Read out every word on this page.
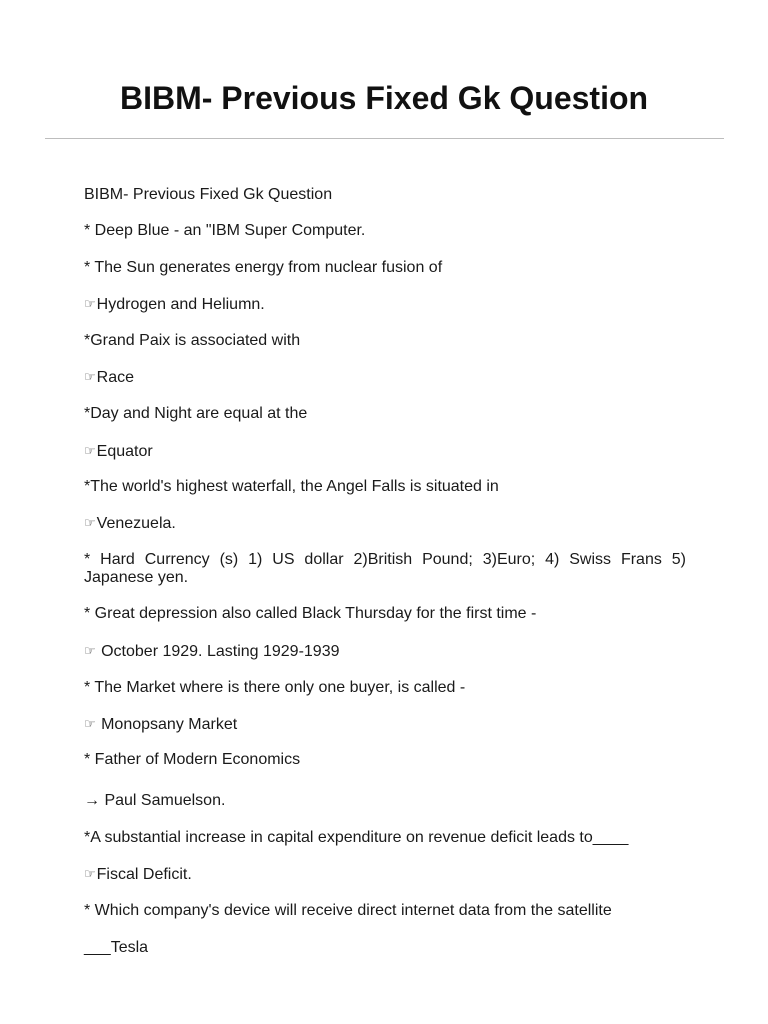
BIBM- Previous Fixed Gk Question
BIBM- Previous Fixed Gk Question
* Deep Blue - an "IBM Super Computer.
* The Sun generates energy from nuclear fusion of
☞Hydrogen and Heliumn.
*Grand Paix is associated with
☞Race
*Day and Night are equal at the
☞Equator
*The world's highest waterfall, the Angel Falls is situated in
☞Venezuela.
* Hard Currency (s) 1) US dollar 2)British Pound; 3)Euro; 4) Swiss Frans 5) Japanese yen.
* Great depression also called Black Thursday for the first time -
☞ October 1929. Lasting 1929-1939
* The Market where is there only one buyer, is called -
☞ Monopsany Market
* Father of Modern Economics
→ Paul Samuelson.
*A substantial increase in capital expenditure on revenue deficit leads to____
☞Fiscal Deficit.
* Which company's device will receive direct internet data from the satellite
___Tesla
